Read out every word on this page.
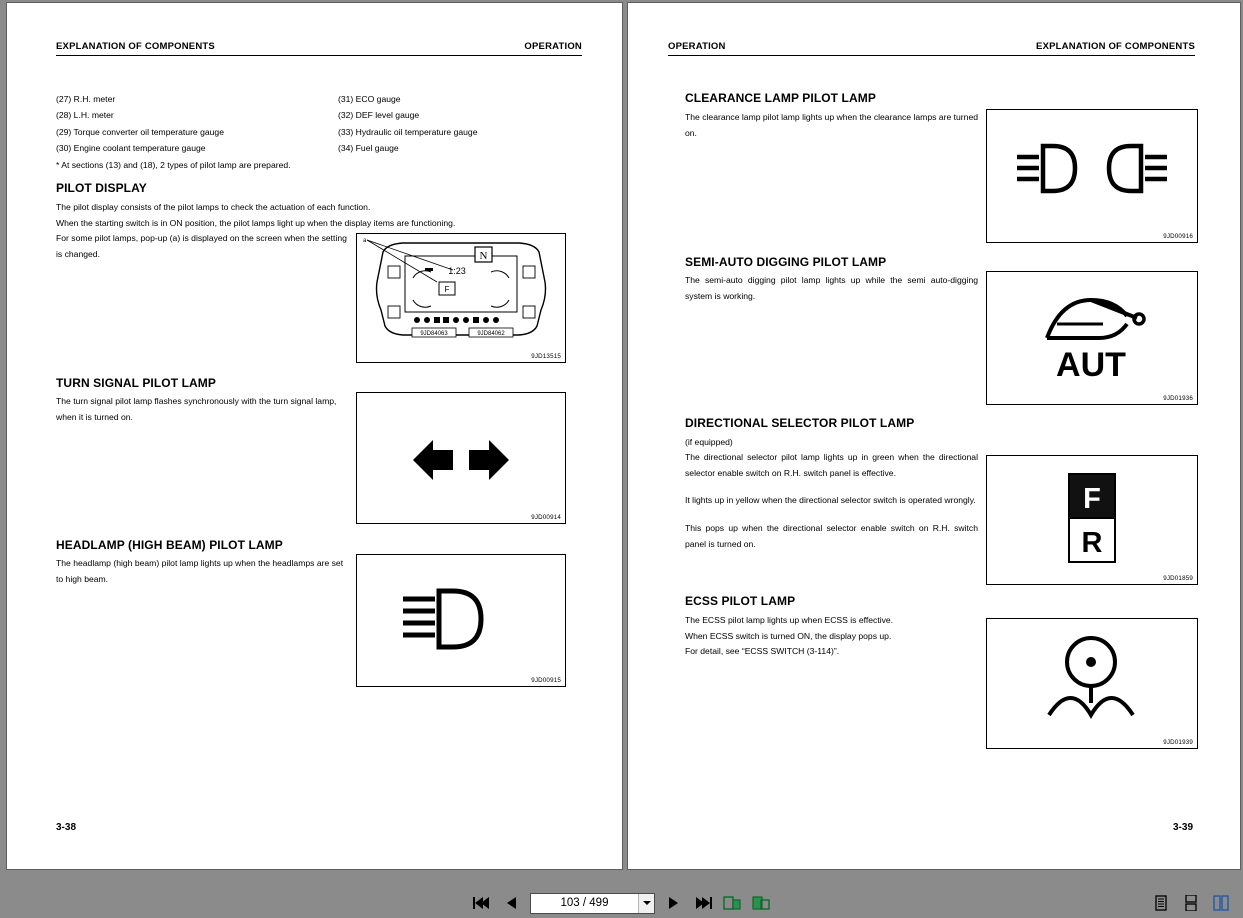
EXPLANATION OF COMPONENTS	OPERATION
(27) R.H. meter
(28) L.H. meter
(29) Torque converter oil temperature gauge
(30) Engine coolant temperature gauge
(31) ECO gauge
(32) DEF level gauge
(33) Hydraulic oil temperature gauge
(34) Fuel gauge
* At sections (13) and (18), 2 types of pilot lamp are prepared.
PILOT DISPLAY

The pilot display consists of the pilot lamps to check the actuation of each function.

When the starting switch is in ON position, the pilot lamps light up when the display items are functioning.

For some pilot lamps, pop-up (a) is displayed on the screen when the setting is changed.

a
N
1:23
F
9JD84063	9JD84062
9JD13515
TURN SIGNAL PILOT LAMP

The turn signal pilot lamp flashes synchronously with the turn signal lamp, when it is turned on.

9JD00914
HEADLAMP (HIGH BEAM) PILOT LAMP

The headlamp (high beam) pilot lamp lights up when the headlamps are set to high beam.

9JD00915
3-38
OPERATION	EXPLANATION OF COMPONENTS
CLEARANCE LAMP PILOT LAMP

The clearance lamp pilot lamp lights up when the clearance lamps are turned on.

9JD00916
SEMI-AUTO DIGGING PILOT LAMP

The semi-auto digging pilot lamp lights up while the semi auto-digging system is working.

AUT
9JD01936
DIRECTIONAL SELECTOR PILOT LAMP

(if equipped)

The directional selector pilot lamp lights up in green when the directional selector enable switch on R.H. switch panel is effective.

It lights up in yellow when the directional selector switch is operated wrongly.

This pops up when the directional selector enable switch on R.H. switch panel is turned on.

F
R
9JD01859
ECSS PILOT LAMP

The ECSS pilot lamp lights up when ECSS is effective.

When ECSS switch is turned ON, the display pops up.

For detail, see “ECSS SWITCH (3-114)”.

9JD01939
3-39
103 / 499
